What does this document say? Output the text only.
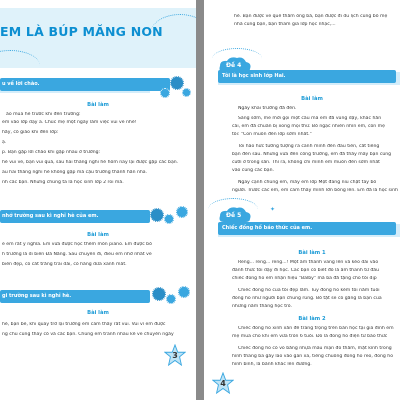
EM LÀ BÚP MĂNG NON
u về lời chào.
Bài làm
ào mùa hè trước khi đến trường:
em vào lớp dạy a. Chúc mẹ một ngày làm việc vui vẻ nhé!
hãy, cô giáo khi đến lớp:
ạ.
p. Bạn gặp lời chào khi gặp nhau ở trường:
hè vui vẻ, bạn vui quá, sau hai tháng nghỉ hè hôm nay lại được gặp các bạn.
au hai tháng nghỉ hè không gặp mà cậu trường thành hẳn nha.
nh các bạn. Nhưng chúng ta là học sinh lớp 2 rồi mà.
nhớ trường sau kì nghỉ hè của em.
Bài làm
ẻ em rất ý nghĩa. Em vừa được học thêm môn piano. Em được bố
h trường là di biển Đà Nẵng. Sau chuyến đi, điều em nhớ nhất về
biển đẹp, có cát trắng trải dài, có hàng dừa xanh mát.
gi trường sau kì nghỉ hè.
Bài làm
hè, bạn bè, khi quay trở lại trường em cảm thấy rất vui. Vui vì em được
ng chủ cùng thầy cô và các bạn. Chúng em tranh nhau kể về chuyến ngày
3
hè. Bạn được về quê thăm ông bà, bạn được đi du lịch cùng bố mẹ
nhà cùng bạn, bạn tham gia lớp học nhạc,...
Đề 4
Tôi là học sinh lớp Hai.
Bài làm
Ngày khai trường đã đến.
Sáng sớm, me mới gọi một câu mà em đã vùng dậy, khác hẳn
cái, em đã chuẩn bị xong mọi thứ. Bố ngạc nhiên nhìn em, còn mẹ
tôi: "Con muốn đến lớp sớm nhất."
Tôi háo hức tưởng tượng ra cảnh mình đến đầu tiên, cất tiếng
bạn đến sau. Nhưng vừa đến cổng trường, em đã thấy mấy bạn cùng
cười ở trong sân. Thì ra, không chỉ mình em muốn đến sớm nhất
vào cùng các bạn.
Ngay cạnh chúng em, mấy em lớp Một đang níu chặt tay bố
người. Trước các em, em cảm thấy mình lớn bổng lên. Em đã là học sinh
✦
Đề 5
Chiếc đồng hồ báo thức của em.
Bài làm 1
Reng... reng... reng...! Một âm thanh vang lên và kéo dài vào
đánh thức tôi dậy đi học. Cac bạn có biết đó là âm thanh từ đâu
chiếc đồng hồ em nhận hiệu "Balby" mà ba đã tặng cho tôi dịp
Chiếc đồng hồ của tôi đẹp lắm. Tuy đồng hồ kém tôi năm tuổi
đồng hồ như người bạn chung rùng. Bố tặt sẽ có gắng là bạn của
những năm tháng học trò.
Bài làm 2
Chiếc đồng hồ xinh xắn để trang trọng trên bàn học tại gia đình em
mẹ mua cho khi em vừa tròn 6 tuổi. Đó là đồng hồ điện tử báo thức
Chiếc đồng hồ có vỏ bằng nhựa màu mạn đỏ thắm, mặt kính trong
hình thang ba gáy lao vào gần xa, tiếng chuông đồng hồ reo, đồng hồ
hình bình, là bành khác lên đường.
4
